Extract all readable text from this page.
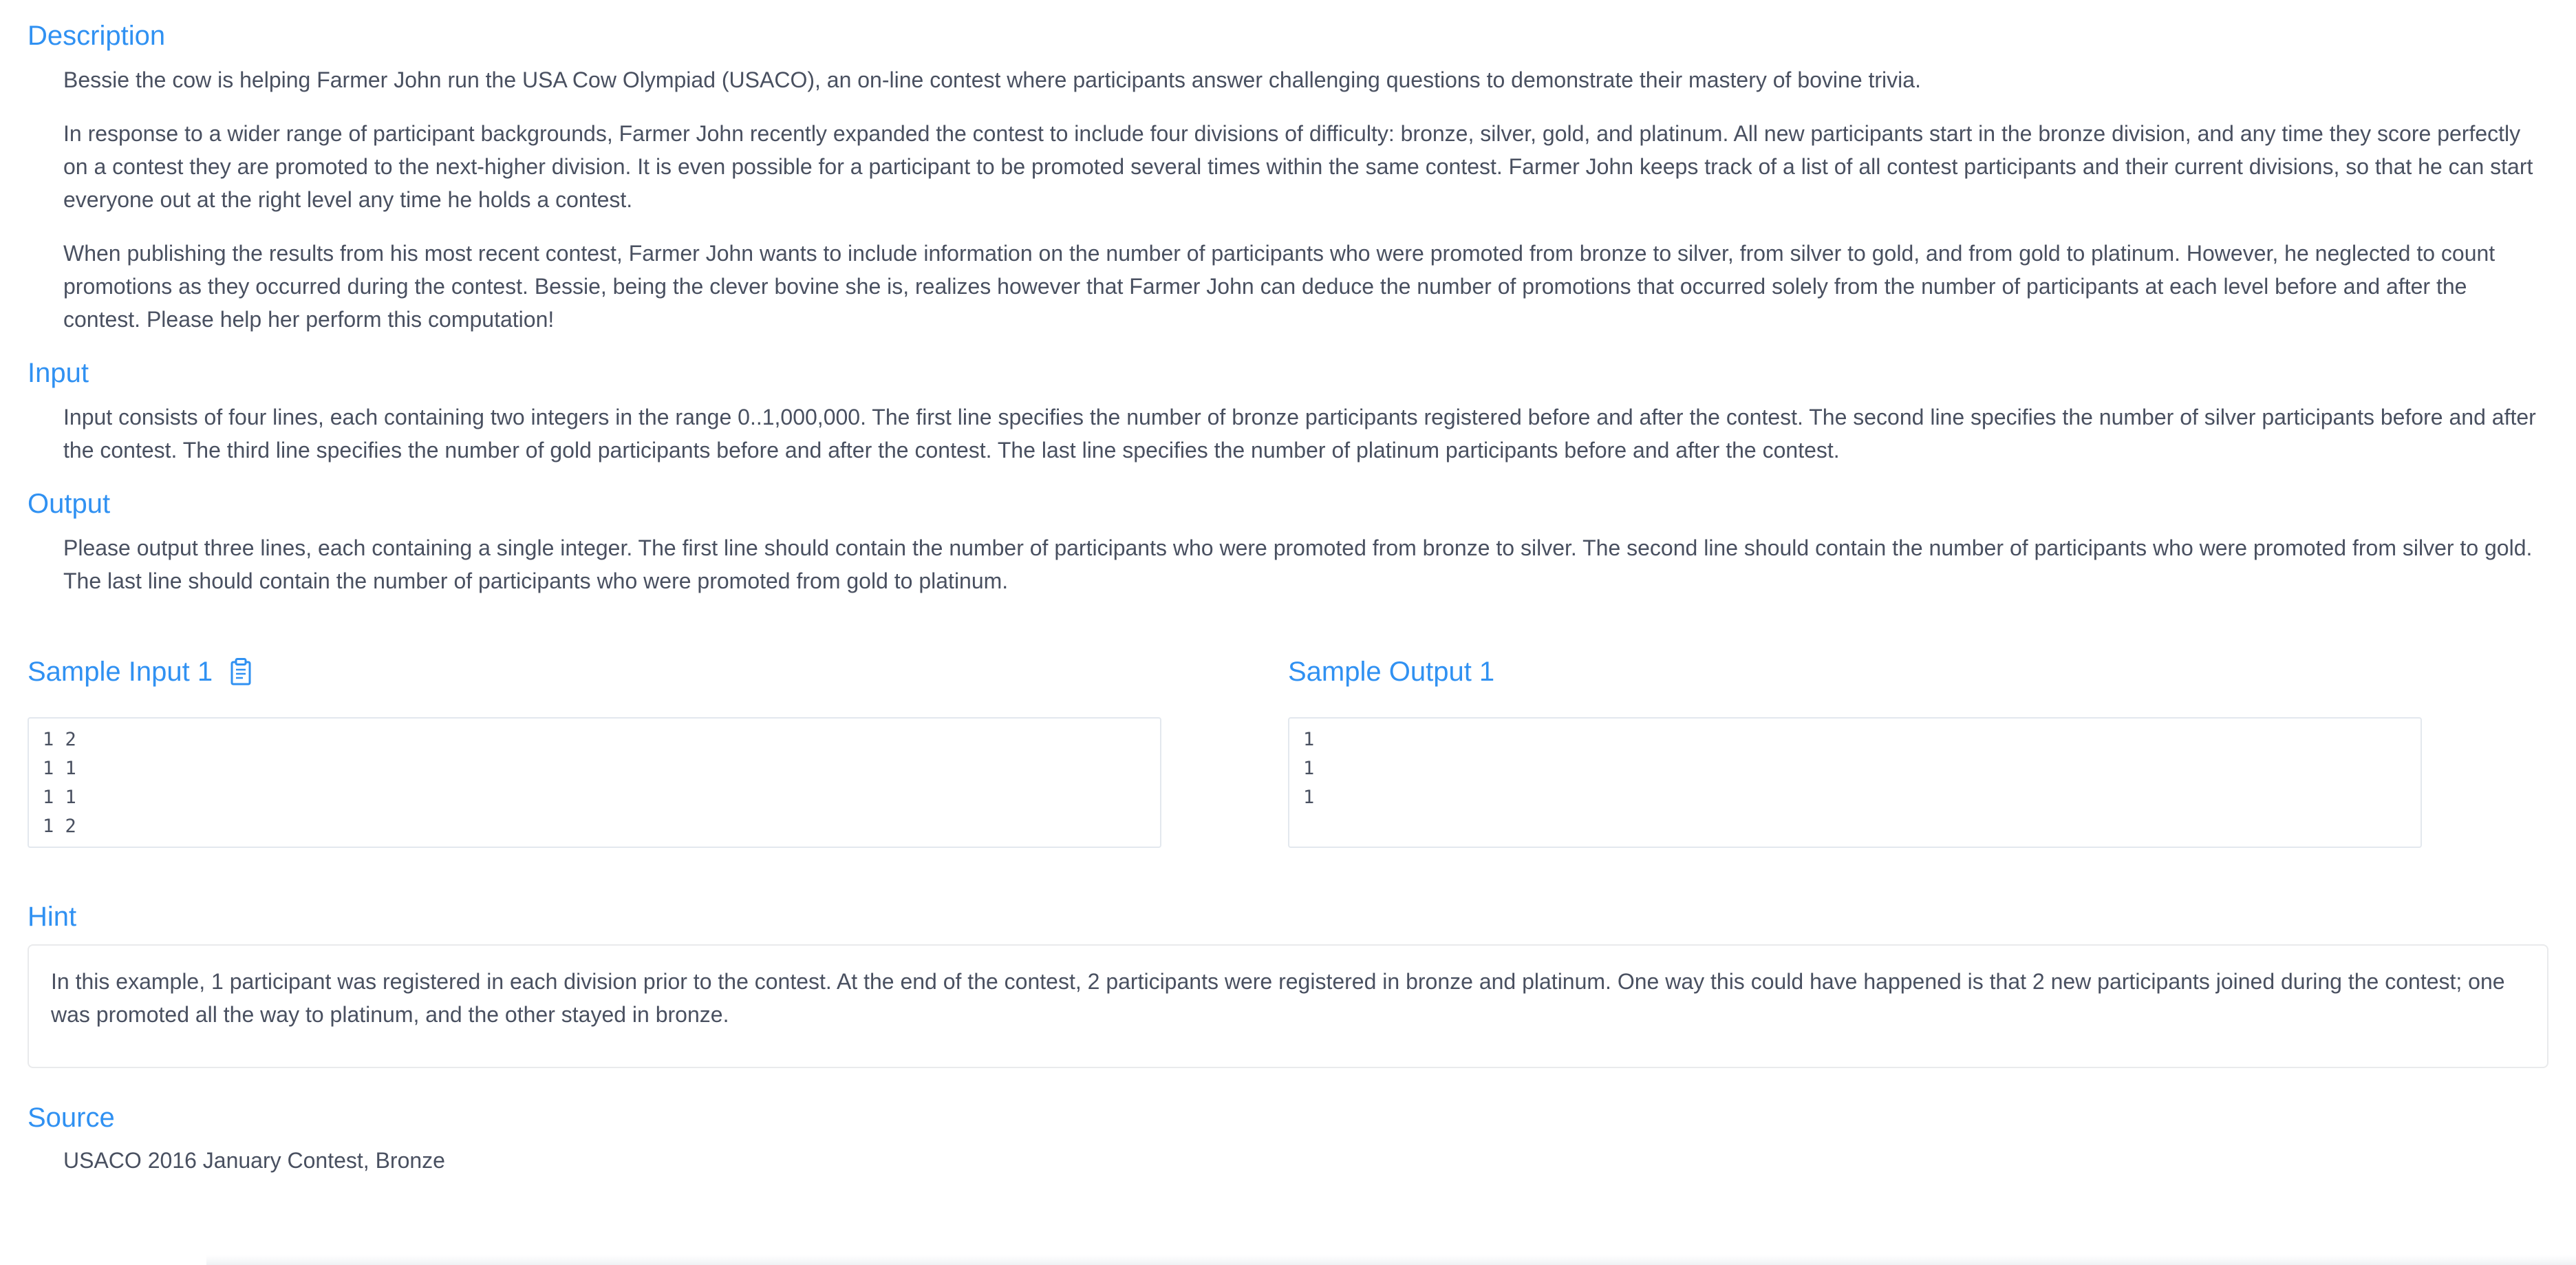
Description

Bessie the cow is helping Farmer John run the USA Cow Olympiad (USACO), an on-line contest where participants answer challenging questions to demonstrate their mastery of bovine trivia.

In response to a wider range of participant backgrounds, Farmer John recently expanded the contest to include four divisions of difficulty: bronze, silver, gold, and platinum. All new participants start in the bronze division, and any time they score perfectly on a contest they are promoted to the next-higher division. It is even possible for a participant to be promoted several times within the same contest. Farmer John keeps track of a list of all contest participants and their current divisions, so that he can start everyone out at the right level any time he holds a contest.

When publishing the results from his most recent contest, Farmer John wants to include information on the number of participants who were promoted from bronze to silver, from silver to gold, and from gold to platinum. However, he neglected to count promotions as they occurred during the contest. Bessie, being the clever bovine she is, realizes however that Farmer John can deduce the number of promotions that occurred solely from the number of participants at each level before and after the contest. Please help her perform this computation!

Input

Input consists of four lines, each containing two integers in the range 0..1,000,000. The first line specifies the number of bronze participants registered before and after the contest. The second line specifies the number of silver participants before and after the contest. The third line specifies the number of gold participants before and after the contest. The last line specifies the number of platinum participants before and after the contest.

Output

Please output three lines, each containing a single integer. The first line should contain the number of participants who were promoted from bronze to silver. The second line should contain the number of participants who were promoted from silver to gold. The last line should contain the number of participants who were promoted from gold to platinum.

Sample Input 1
1 2
1 1
1 1
1 2
Sample Output 1
1
1
1
Hint
In this example, 1 participant was registered in each division prior to the contest. At the end of the contest, 2 participants were registered in bronze and platinum. One way this could have happened is that 2 new participants joined during the contest; one was promoted all the way to platinum, and the other stayed in bronze.
Source

USACO 2016 January Contest, Bronze
